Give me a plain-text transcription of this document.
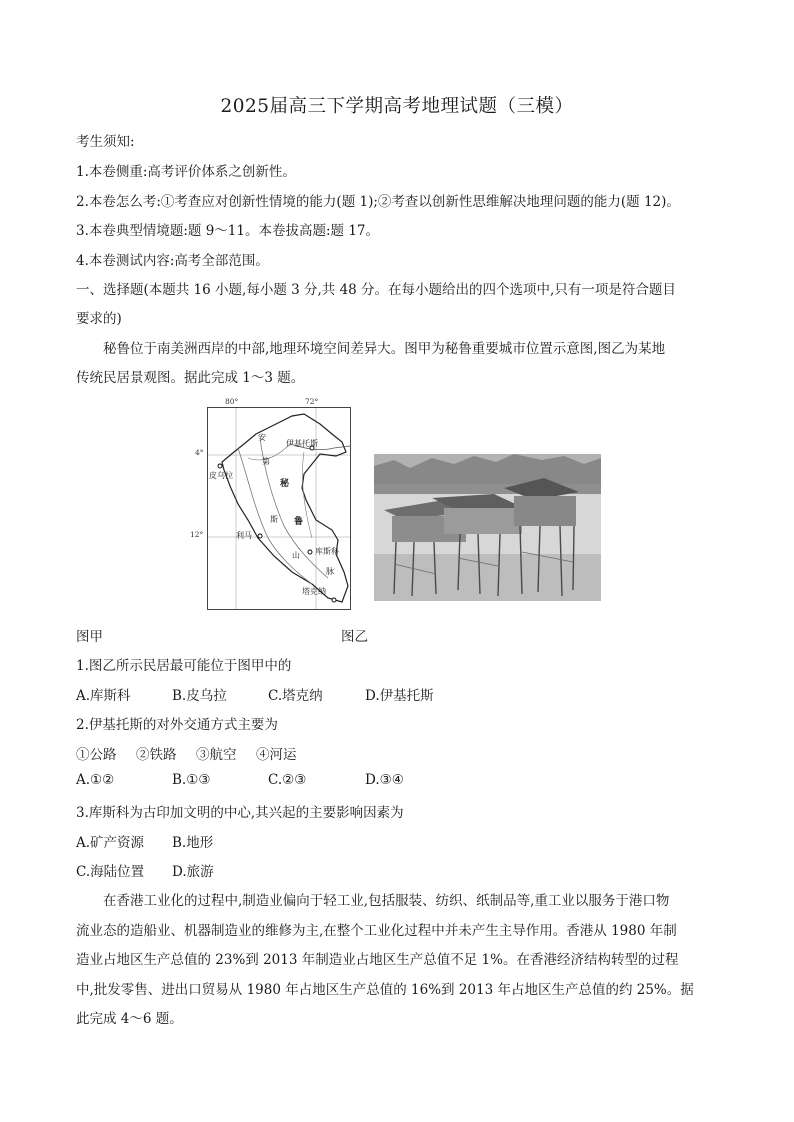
2025届高三下学期高考地理试题（三模）
考生须知:
1.本卷侧重:高考评价体系之创新性。
2.本卷怎么考:①考查应对创新性情境的能力(题 1);②考查以创新性思维解决地理问题的能力(题 12)。
3.本卷典型情境题:题 9～11。本卷拔高题:题 17。
4.本卷测试内容:高考全部范围。
一、选择题(本题共 16 小题,每小题 3 分,共 48 分。在每小题给出的四个选项中,只有一项是符合题目
要求的)
秘鲁位于南美洲西岸的中部,地理环境空间差异大。图甲为秘鲁重要城市位置示意图,图乙为某地
传统民居景观图。据此完成 1～3 题。
80°	72°
4°
12°
伊基托斯
皮乌拉
利马
库斯科
塔克纳
安
第
斯
山
脉
秘
鲁
图甲	图乙
1.图乙所示民居最可能位于图甲中的
A.库斯科	B.皮乌拉	C.塔克纳	D.伊基托斯
2.伊基托斯的对外交通方式主要为
①公路 ②铁路 ③航空 ④河运
A.①②	B.①③	C.②③	D.③④
3.库斯科为古印加文明的中心,其兴起的主要影响因素为
A.矿产资源 B.地形
C.海陆位置 D.旅游
在香港工业化的过程中,制造业偏向于轻工业,包括服装、纺织、纸制品等,重工业以服务于港口物
流业态的造船业、机器制造业的维修为主,在整个工业化过程中并未产生主导作用。香港从 1980 年制
造业占地区生产总值的 23%到 2013 年制造业占地区生产总值不足 1%。在香港经济结构转型的过程
中,批发零售、进出口贸易从 1980 年占地区生产总值的 16%到 2013 年占地区生产总值的约 25%。据
此完成 4～6 题。
